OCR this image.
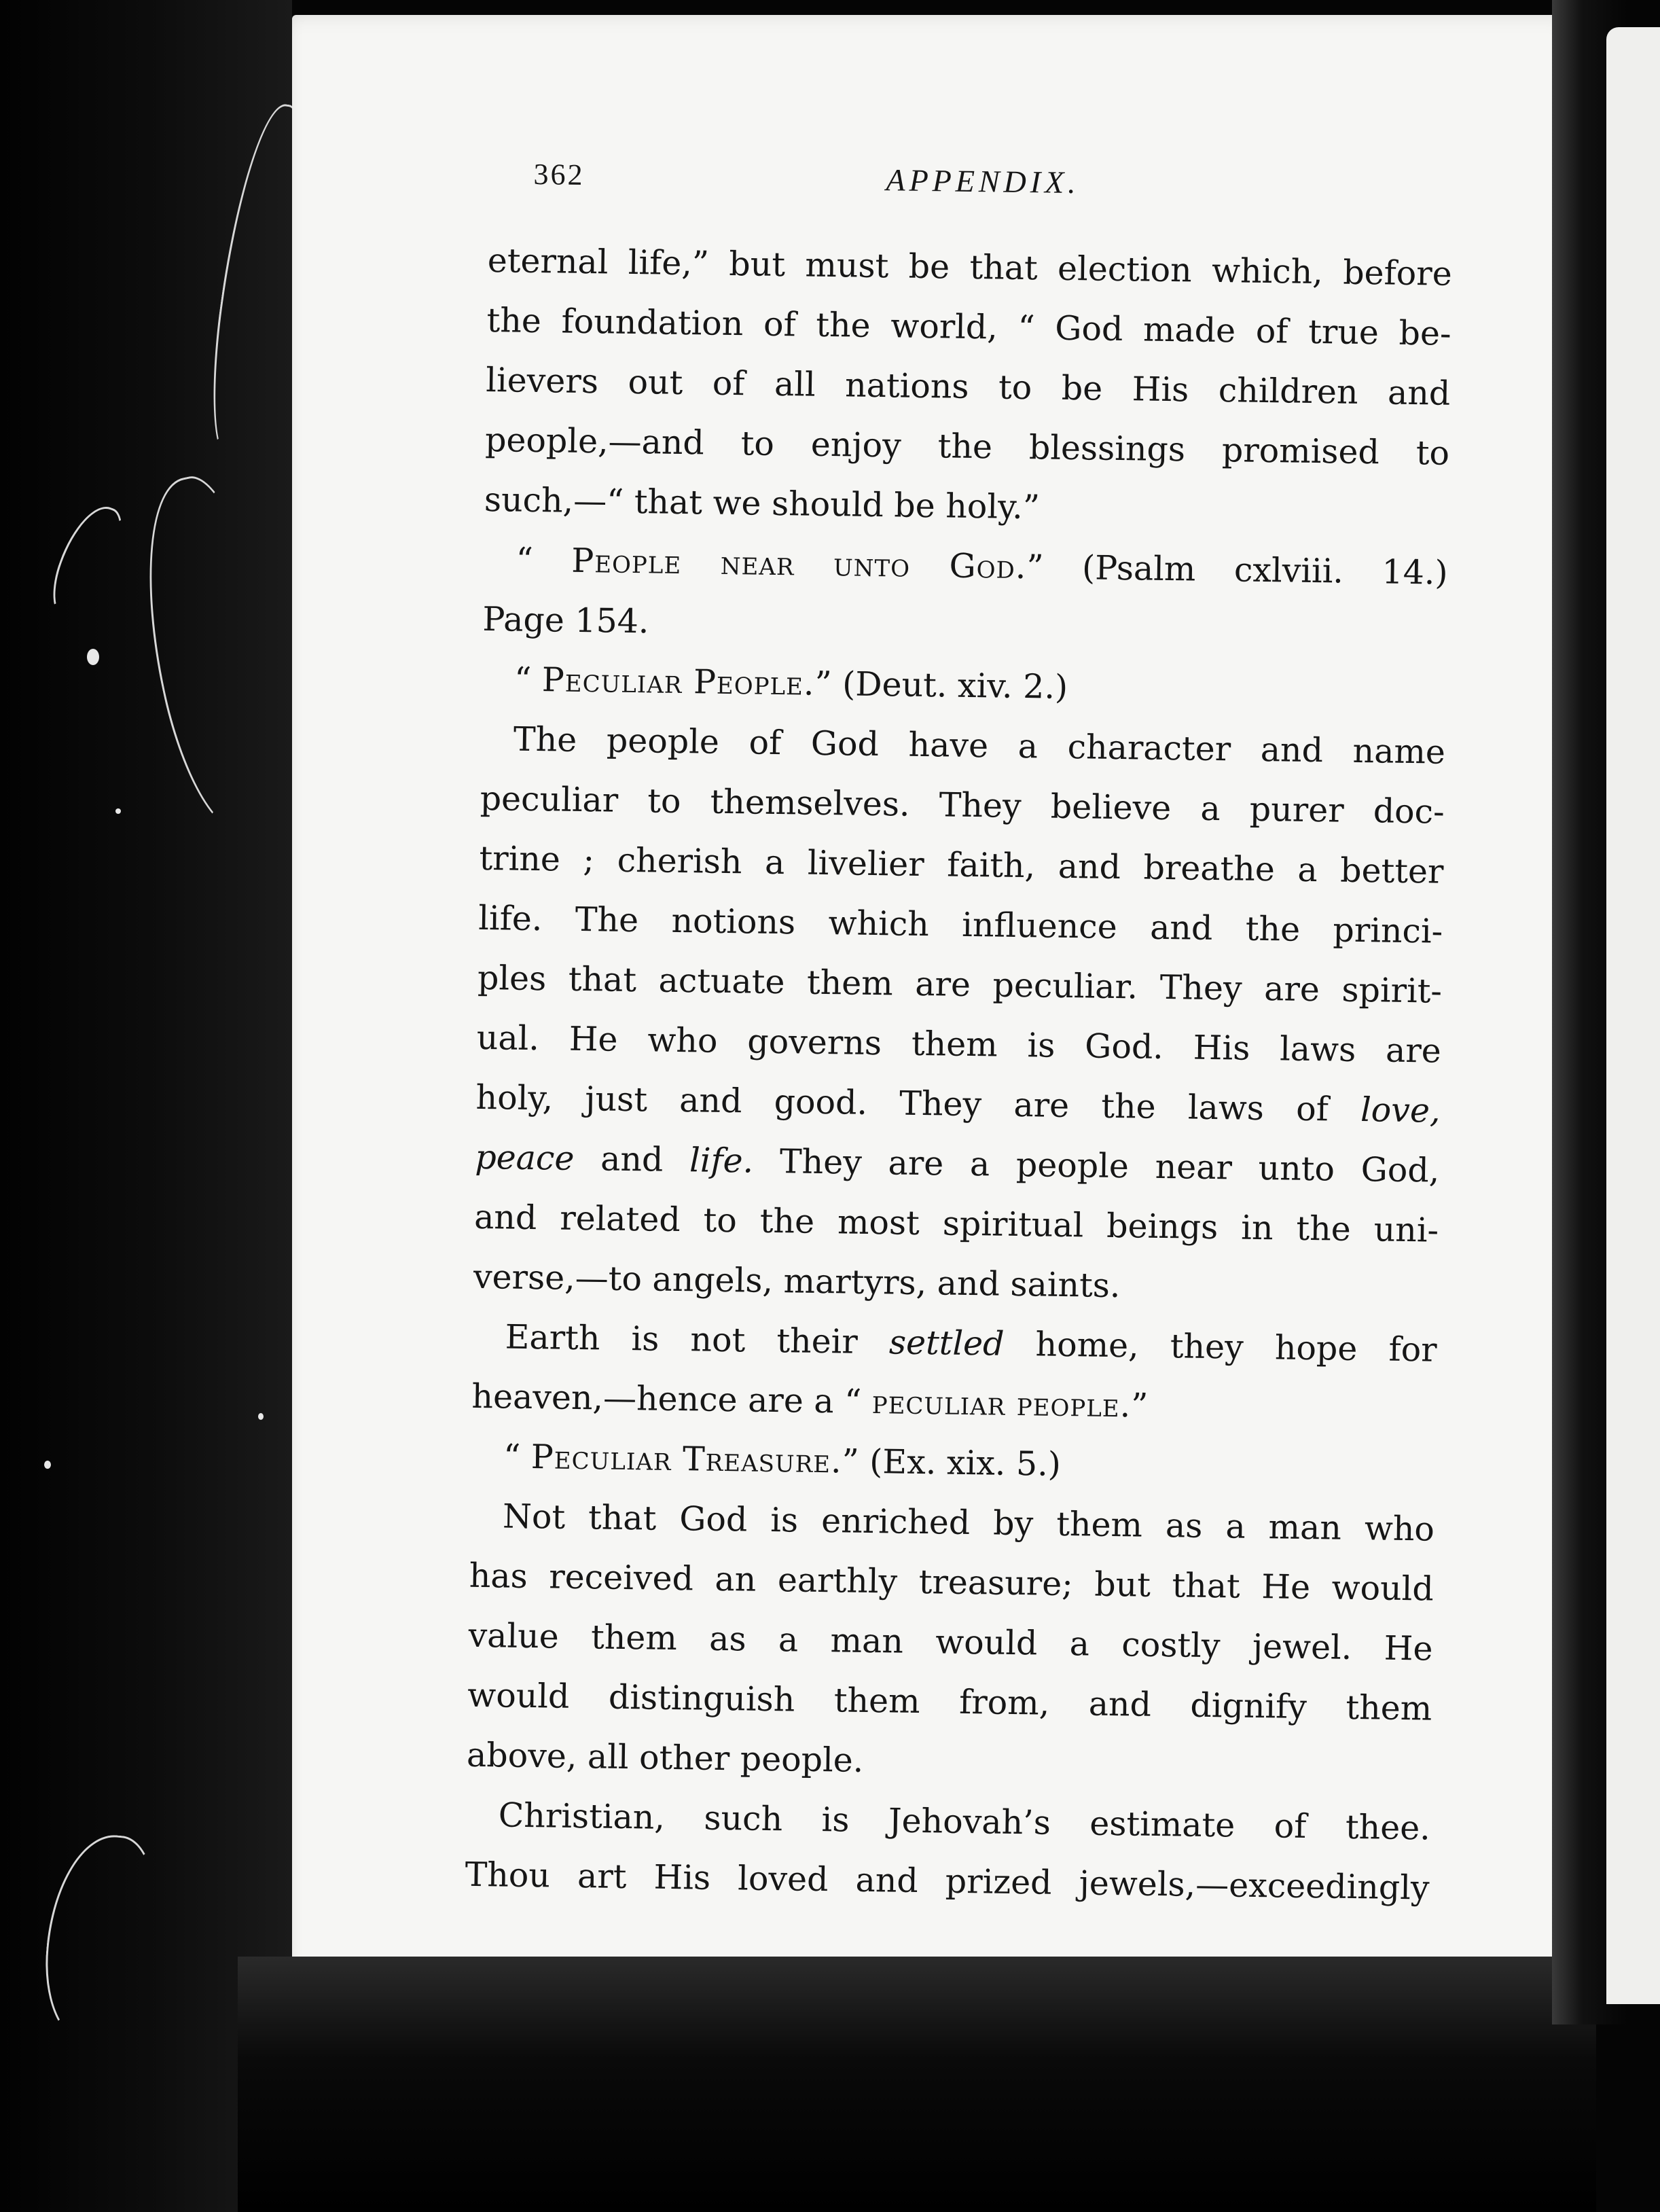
362	APPENDIX.
eternal life,” but must be that election which, before
the foundation of the world, “ God made of true be-
lievers out of all nations to be His children and
people,—and to enjoy the blessings promised to
such,—“ that we should be holy.”
“ People near unto God.” (Psalm cxlviii. 14.)
Page 154.
“ Peculiar People.” (Deut. xiv. 2.)
The people of God have a character and name
peculiar to themselves. They believe a purer doc-
trine ; cherish a livelier faith, and breathe a better
life. The notions which influence and the princi-
ples that actuate them are peculiar. They are spirit-
ual. He who governs them is God. His laws are
holy, just and good. They are the laws of love,
peace and life. They are a people near unto God,
and related to the most spiritual beings in the uni-
verse,—to angels, martyrs, and saints.
Earth is not their settled home, they hope for
heaven,—hence are a “ peculiar people.”
“ Peculiar Treasure.” (Ex. xix. 5.)
Not that God is enriched by them as a man who
has received an earthly treasure; but that He would
value them as a man would a costly jewel. He
would distinguish them from, and dignify them
above, all other people.
Christian, such is Jehovah’s estimate of thee.
Thou art His loved and prized jewels,—exceedingly
